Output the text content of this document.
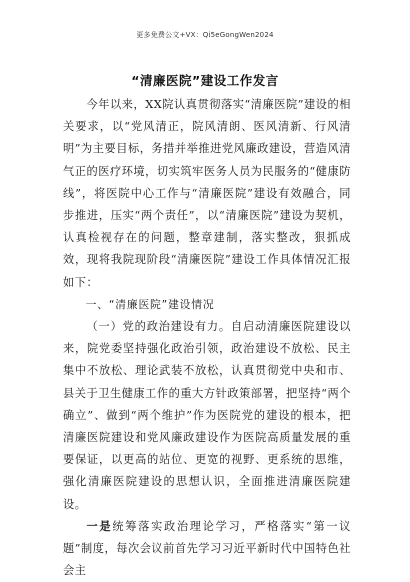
更多免费公文+VX：Qi5eGongWen2024
“清廉医院”建设工作发言

今年以来，XX院认真贯彻落实“清廉医院”建设的相关要求，以“党风清正，院风清朗、医风清新、行风清明”为主要目标，务措并举推进党风廉政建设，营造风清气正的医疗环境，切实筑牢医务人员为民服务的“健康防线”，将医院中心工作与“清廉医院”建设有效融合，同步推进，压实“两个责任”，以“清廉医院”建设为契机，认真检视存在的问题，整章建制，落实整改，狠抓成效，现将我院现阶段“清廉医院”建设工作具体情况汇报如下：

一、“清廉医院”建设情况

（一）党的政治建设有力。自启动清廉医院建设以来，院党委坚持强化政治引领，政治建设不放松、民主集中不放松、理论武装不放松，认真贯彻党中央和市、县关于卫生健康工作的重大方针政策部署，把坚持“两个确立”、做到“两个维护”作为医院党的建设的根本，把清廉医院建设和党风廉政建设作为医院高质量发展的重要保证，以更高的站位、更宽的视野、更系统的思维，强化清廉医院建设的思想认识，全面推进清廉医院建设。

一是统筹落实政治理论学习，严格落实“第一议题”制度，每次会议前首先学习习近平新时代中国特色社会主
